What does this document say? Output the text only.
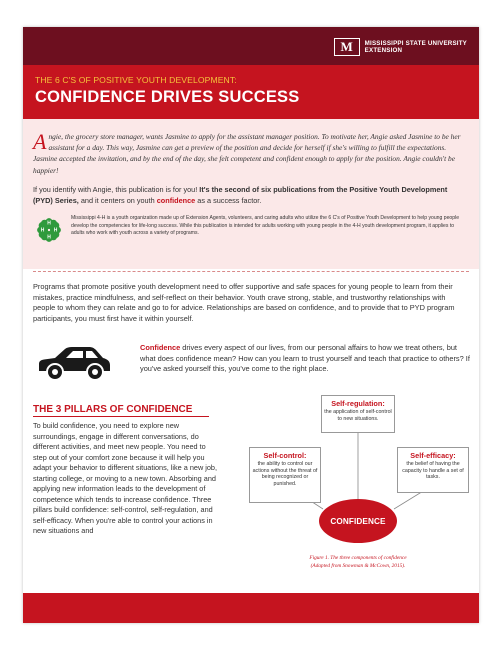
M	MISSISSIPPI STATE UNIVERSITY
EXTENSION
THE 6 C'S OF POSITIVE YOUTH DEVELOPMENT:
CONFIDENCE DRIVES SUCCESS
Angie, the grocery store manager, wants Jasmine to apply for the assistant manager position. To motivate her, Angie asked Jasmine to be her assistant for a day. This way, Jasmine can get a preview of the position and decide for herself if she's willing to fulfill the expectations. Jasmine accepted the invitation, and by the end of the day, she felt competent and confident enough to apply for the position. Angie couldn't be happier!
If you identify with Angie, this publication is for you! It's the second of six publications from the Positive Youth Development (PYD) Series, and it centers on youth confidence as a success factor.
H
H
H
H
Mississippi 4-H is a youth organization made up of Extension Agents, volunteers, and caring adults who utilize the 6 C's of Positive Youth Development to help young people develop the competencies for life-long success. While this publication is intended for adults working with young people in the 4-H youth development program, it applies to adults who work with youth across a variety of programs.
Programs that promote positive youth development need to offer supportive and safe spaces for young people to learn from their mistakes, practice mindfulness, and self-reflect on their behavior. Youth crave strong, stable, and trustworthy relationships with people to whom they can relate and go to for advice. Relationships are based on confidence, and to provide that to PYD program participants, you must first have it within yourself.
Confidence drives every aspect of our lives, from our personal affairs to how we treat others, but what does confidence mean? How can you learn to trust yourself and teach that practice to others? If you've asked yourself this, you've come to the right place.
THE 3 PILLARS OF CONFIDENCE
To build confidence, you need to explore new surroundings, engage in different conversations, do different activities, and meet new people. You need to step out of your comfort zone because it will help you adapt your behavior to different situations, like a new job, starting college, or moving to a new town. Absorbing and applying new information leads to the development of competence which tends to increase confidence. Three pillars build confidence: self-control, self-regulation, and self-efficacy. When you're able to control your actions in new situations and
Self-regulation:
the application of self-control to new situations.
Self-control:
the ability to control our actions without the threat of being recognized or punished.
Self-efficacy:
the belief of having the capacity to handle a set of tasks.
CONFIDENCE
Figure 1. The three components of confidence
(Adapted from Snowman & McCown, 2015).
